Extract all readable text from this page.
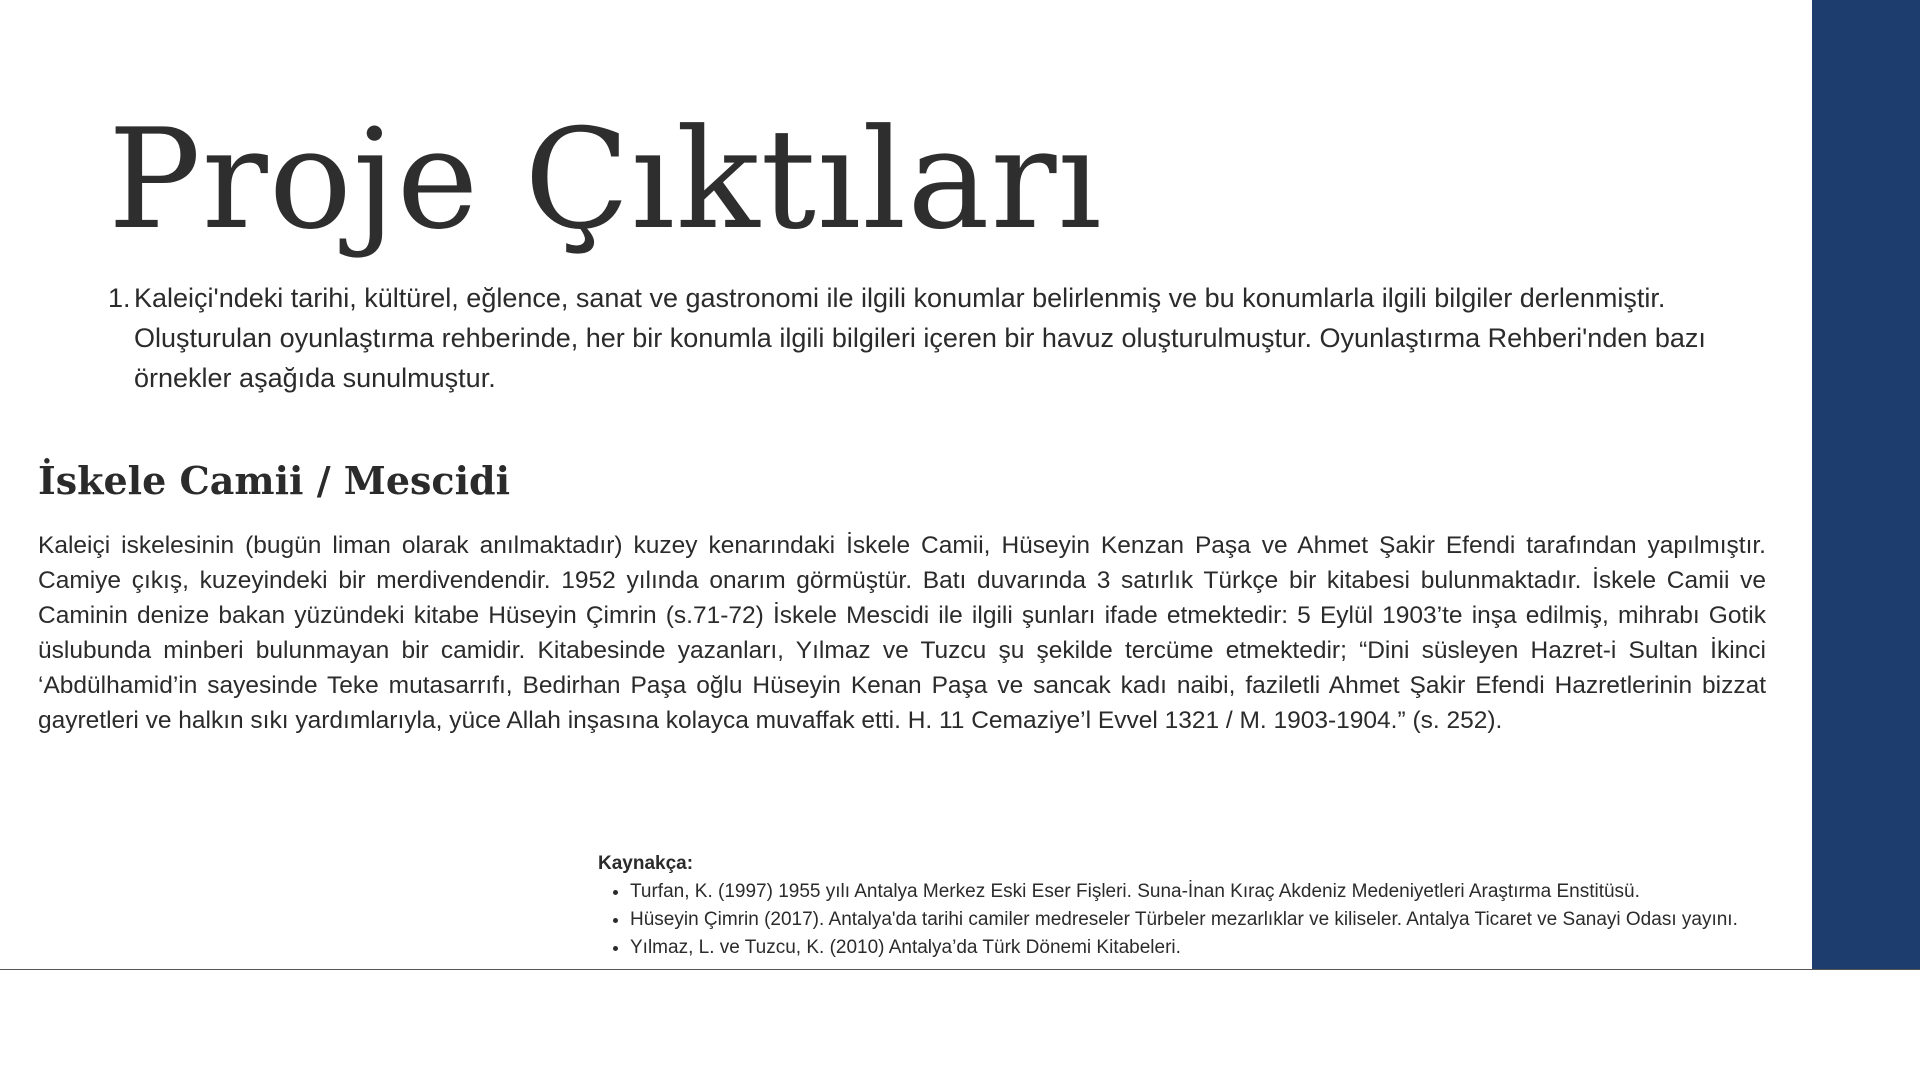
Proje Çıktıları
1. Kaleiçi'ndeki tarihi, kültürel, eğlence, sanat ve gastronomi ile ilgili konumlar belirlenmiş ve bu konumlarla ilgili bilgiler derlenmiştir. Oluşturulan oyunlaştırma rehberinde, her bir konumla ilgili bilgileri içeren bir havuz oluşturulmuştur. Oyunlaştırma Rehberi'nden bazı örnekler aşağıda sunulmuştur.
İskele Camii / Mescidi

Kaleiçi iskelesinin (bugün liman olarak anılmaktadır) kuzey kenarındaki İskele Camii, Hüseyin Kenzan Paşa ve Ahmet Şakir Efendi tarafından yapılmıştır. Camiye çıkış, kuzeyindeki bir merdivendendir. 1952 yılında onarım görmüştür. Batı duvarında 3 satırlık Türkçe bir kitabesi bulunmaktadır. İskele Camii ve Caminin denize bakan yüzündeki kitabe Hüseyin Çimrin (s.71-72) İskele Mescidi ile ilgili şunları ifade etmektedir: 5 Eylül 1903’te inşa edilmiş, mihrabı Gotik üslubunda minberi bulunmayan bir camidir. Kitabesinde yazanları, Yılmaz ve Tuzcu şu şekilde tercüme etmektedir; “Dini süsleyen Hazret-i Sultan İkinci ‘Abdülhamid’in sayesinde Teke mutasarrıfı, Bedirhan Paşa oğlu Hüseyin Kenan Paşa ve sancak kadı naibi, faziletli Ahmet Şakir Efendi Hazretlerinin bizzat gayretleri ve halkın sıkı yardımlarıyla, yüce Allah inşasına kolayca muvaffak etti. H. 11 Cemaziye’l Evvel 1321 / M. 1903-1904.” (s. 252).

Kaynakça:
• Turfan, K. (1997) 1955 yılı Antalya Merkez Eski Eser Fişleri. Suna-İnan Kıraç Akdeniz Medeniyetleri Araştırma Enstitüsü.
• Hüseyin Çimrin (2017). Antalya'da tarihi camiler medreseler Türbeler mezarlıklar ve kiliseler. Antalya Ticaret ve Sanayi Odası yayını.
• Yılmaz, L. ve Tuzcu, K. (2010) Antalya’da Türk Dönemi Kitabeleri.
